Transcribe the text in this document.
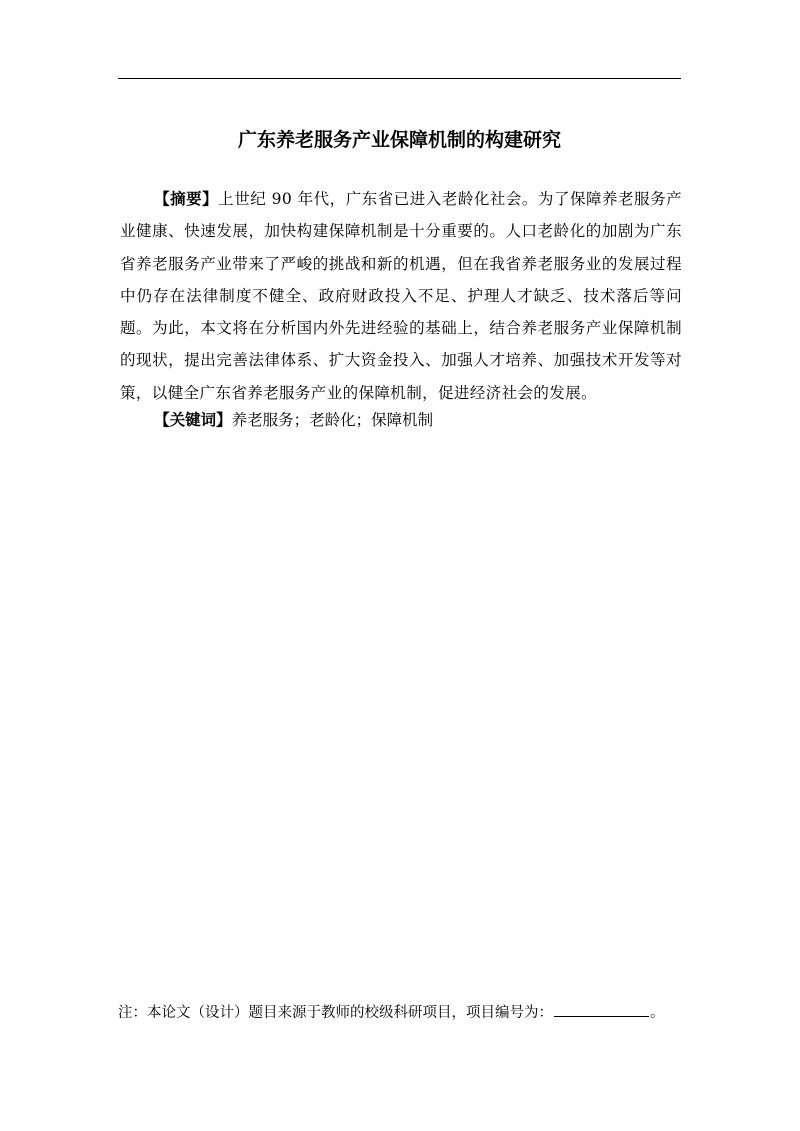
广东养老服务产业保障机制的构建研究

【摘要】上世纪 90 年代，广东省已进入老龄化社会。为了保障养老服务产业健康、快速发展，加快构建保障机制是十分重要的。人口老龄化的加剧为广东省养老服务产业带来了严峻的挑战和新的机遇，但在我省养老服务业的发展过程中仍存在法律制度不健全、政府财政投入不足、护理人才缺乏、技术落后等问题。为此，本文将在分析国内外先进经验的基础上，结合养老服务产业保障机制的现状，提出完善法律体系、扩大资金投入、加强人才培养、加强技术开发等对策，以健全广东省养老服务产业的保障机制，促进经济社会的发展。

【关键词】养老服务；老龄化；保障机制

注：本论文（设计）题目来源于教师的校级科研项目，项目编号为：	。
